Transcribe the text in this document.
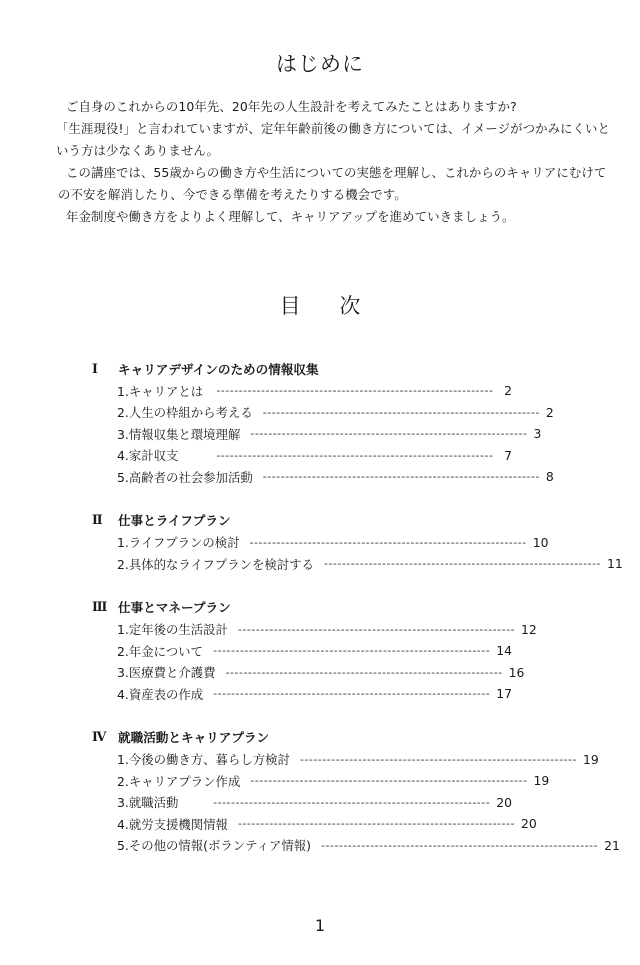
はじめに

ご自身のこれからの10年先、20年先の人生設計を考えてみたことはありますか?

「生涯現役!」と言われていますが、定年年齢前後の働き方については、イメージがつかみにくいという方は少なくありません。

この講座では、55歳からの働き方や生活についての実態を理解し、これからのキャリアにむけての不安を解消したり、今できる準備を考えたりする機会です。

年金制度や働き方をよりよく理解して、キャリアアップを進めていきましょう。

目 次
Ⅰ	キャリアデザインのための情報収集
1.キャリアとは -------------------------------------------------------------- 2
2.人生の枠組から考える -------------------------------------------------------------- 2
3.情報収集と環境理解 -------------------------------------------------------------- 3
4.家計収支	-------------------------------------------------------------- 7
5.高齢者の社会参加活動 -------------------------------------------------------------- 8
Ⅱ	仕事とライフプラン
1.ライフプランの検討 -------------------------------------------------------------- 10
2.具体的なライフプランを検討する -------------------------------------------------------------- 11
Ⅲ 仕事とマネープラン
1.定年後の生活設計 -------------------------------------------------------------- 12
2.年金について -------------------------------------------------------------- 14
3.医療費と介護費 -------------------------------------------------------------- 16
4.資産表の作成 -------------------------------------------------------------- 17
Ⅳ 就職活動とキャリアプラン
1.今後の働き方、暮らし方検討 -------------------------------------------------------------- 19
2.キャリアプラン作成 -------------------------------------------------------------- 19
3.就職活動	-------------------------------------------------------------- 20
4.就労支援機関情報 -------------------------------------------------------------- 20
5.その他の情報(ボランティア情報) -------------------------------------------------------------- 21
1
